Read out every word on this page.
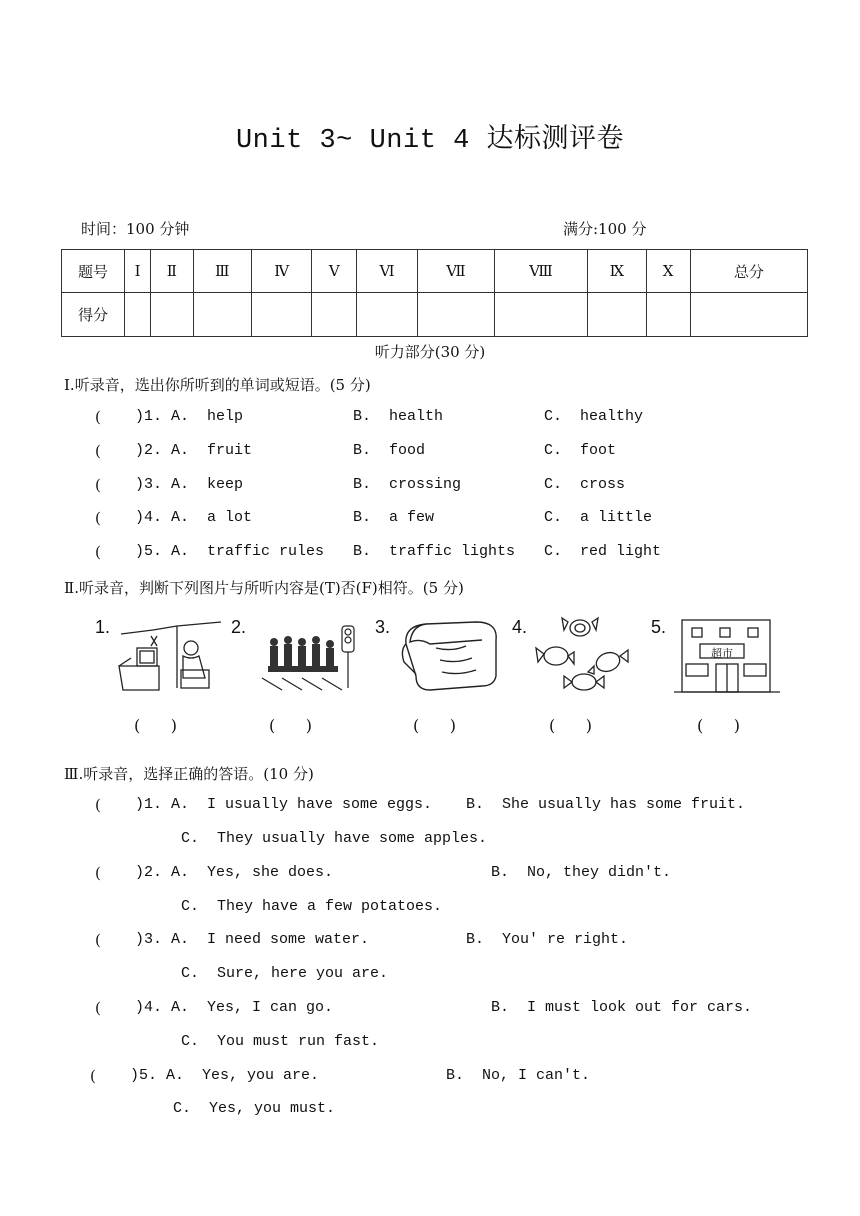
Unit 3~ Unit 4 达标测评卷
时间：100 分钟	满分:100 分
题号	Ⅰ	Ⅱ	Ⅲ	Ⅳ	Ⅴ	Ⅵ	Ⅶ	Ⅷ	Ⅸ	Ⅹ	总分
得分											
听力部分(30 分)
Ⅰ.听录音，选出你所听到的单词或短语。(5 分)
( )1. A.  help	B.  health	C.  healthy
( )2. A.  fruit	B.  food	C.  foot
( )3. A.  keep	B.  crossing	C.  cross
( )4. A.  a lot	B.  a few	C.  a little
( )5. A.  traffic rules B.  traffic lights C.  red light
Ⅱ.听录音，判断下列图片与所听内容是(T)否(F)相符。(5 分)
1.	2.	3.	4.	5.
超市
(      )	(      )	(      )	(      )	(      )
Ⅲ.听录音，选择正确的答语。(10 分)
( )1. A.  I usually have some eggs. B.  She usually has some fruit.
C.  They usually have some apples.
( )2. A.  Yes, she does.	B.  No, they didn't.
C.  They have a few potatoes.
( )3. A.  I need some water.	B.  You' re right.
C.  Sure, here you are.
( )4. A.  Yes, I can go.	B.  I must look out for cars.
C.  You must run fast.
( )5. A.  Yes, you are.	B.  No, I can't.
C.  Yes, you must.
